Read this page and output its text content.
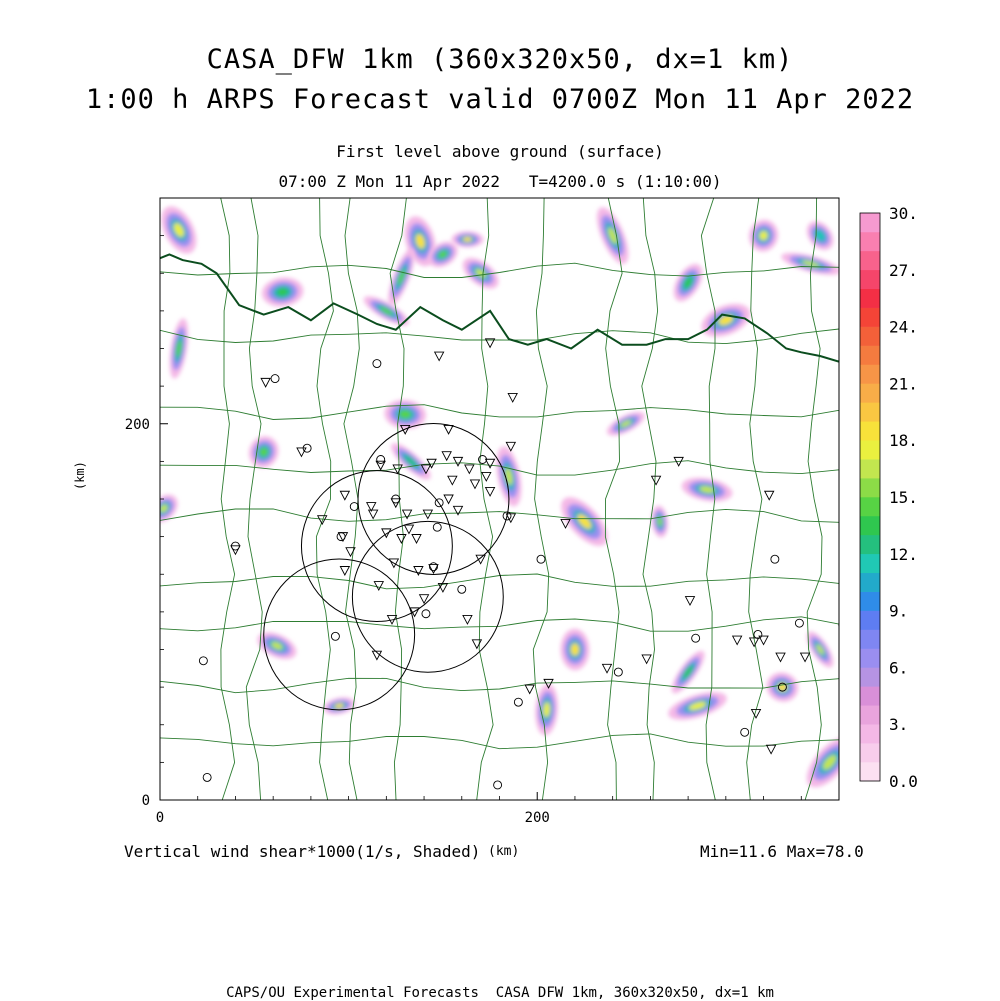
CASA_DFW 1km (360x320x50, dx=1 km)
1:00 h ARPS Forecast valid 0700Z Mon 11 Apr 2022
First level above ground (surface)
07:00 Z Mon 11 Apr 2022   T=4200.0 s (1:10:00)
0	200
0
200
0.0
3.
6.
9.
12.
15.
18.
21.
24.
27.
30.
(km)
Vertical wind shear*1000(1/s, Shaded) (km)	Min=11.6 Max=78.0
CAPS/OU Experimental Forecasts  CASA DFW 1km, 360x320x50, dx=1 km
